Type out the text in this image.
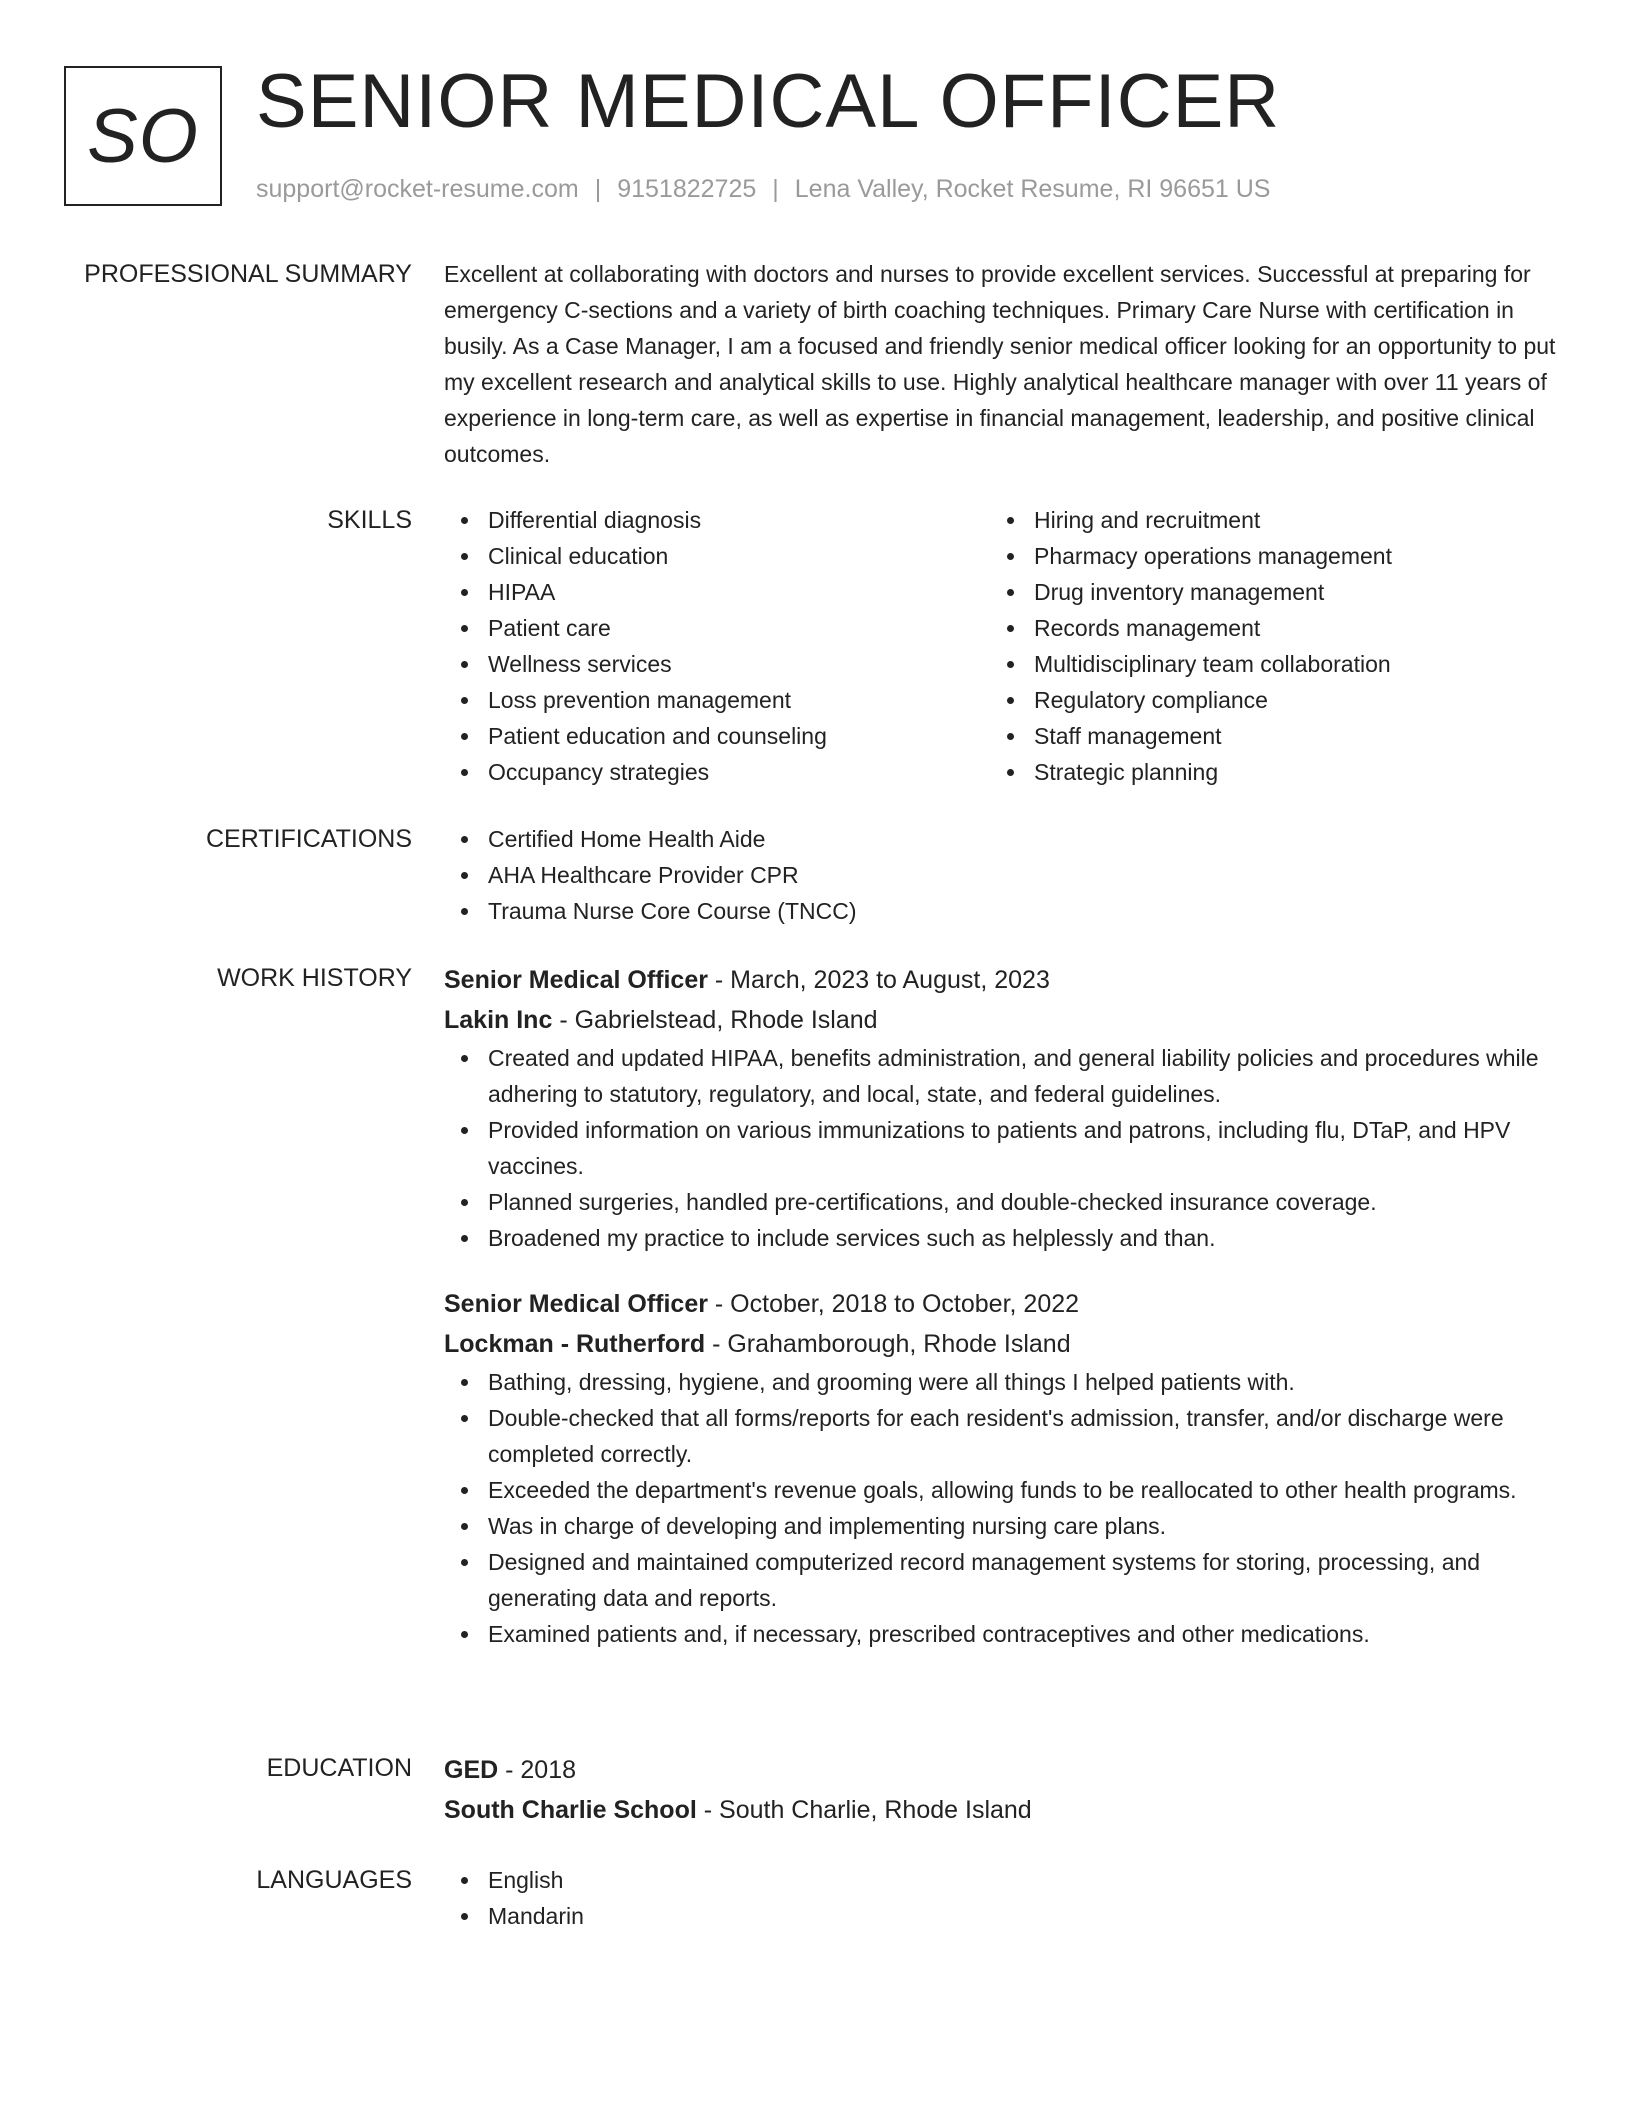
SO SENIOR MEDICAL OFFICER
support@rocket-resume.com | 9151822725 | Lena Valley, Rocket Resume, RI 96651 US
PROFESSIONAL SUMMARY Excellent at collaborating with doctors and nurses to provide excellent services. Successful at preparing for emergency C-sections and a variety of birth coaching techniques. Primary Care Nurse with certification in busily. As a Case Manager, I am a focused and friendly senior medical officer looking for an opportunity to put my excellent research and analytical skills to use. Highly analytical healthcare manager with over 11 years of experience in long-term care, as well as expertise in financial management, leadership, and positive clinical outcomes.

SKILLS	Differential diagnosis
Clinical education
HIPAA
Patient care
Wellness services
Loss prevention management
Patient education and counseling
Occupancy strategies
Hiring and recruitment
Pharmacy operations management
Drug inventory management
Records management
Multidisciplinary team collaboration
Regulatory compliance
Staff management
Strategic planning
CERTIFICATIONS	Certified Home Health Aide
AHA Healthcare Provider CPR
Trauma Nurse Core Course (TNCC)
WORK HISTORY Senior Medical Officer - March, 2023 to August, 2023
Lakin Inc - Gabrielstead, Rhode Island
Created and updated HIPAA, benefits administration, and general liability policies and procedures while adhering to statutory, regulatory, and local, state, and federal guidelines.
Provided information on various immunizations to patients and patrons, including flu, DTaP, and HPV vaccines.
Planned surgeries, handled pre-certifications, and double-checked insurance coverage.
Broadened my practice to include services such as helplessly and than.
Senior Medical Officer - October, 2018 to October, 2022
Lockman - Rutherford - Grahamborough, Rhode Island
Bathing, dressing, hygiene, and grooming were all things I helped patients with.
Double-checked that all forms/reports for each resident's admission, transfer, and/or discharge were completed correctly.
Exceeded the department's revenue goals, allowing funds to be reallocated to other health programs.
Was in charge of developing and implementing nursing care plans.
Designed and maintained computerized record management systems for storing, processing, and generating data and reports.
Examined patients and, if necessary, prescribed contraceptives and other medications.
EDUCATION GED - 2018
South Charlie School - South Charlie, Rhode Island
LANGUAGES	English
Mandarin
